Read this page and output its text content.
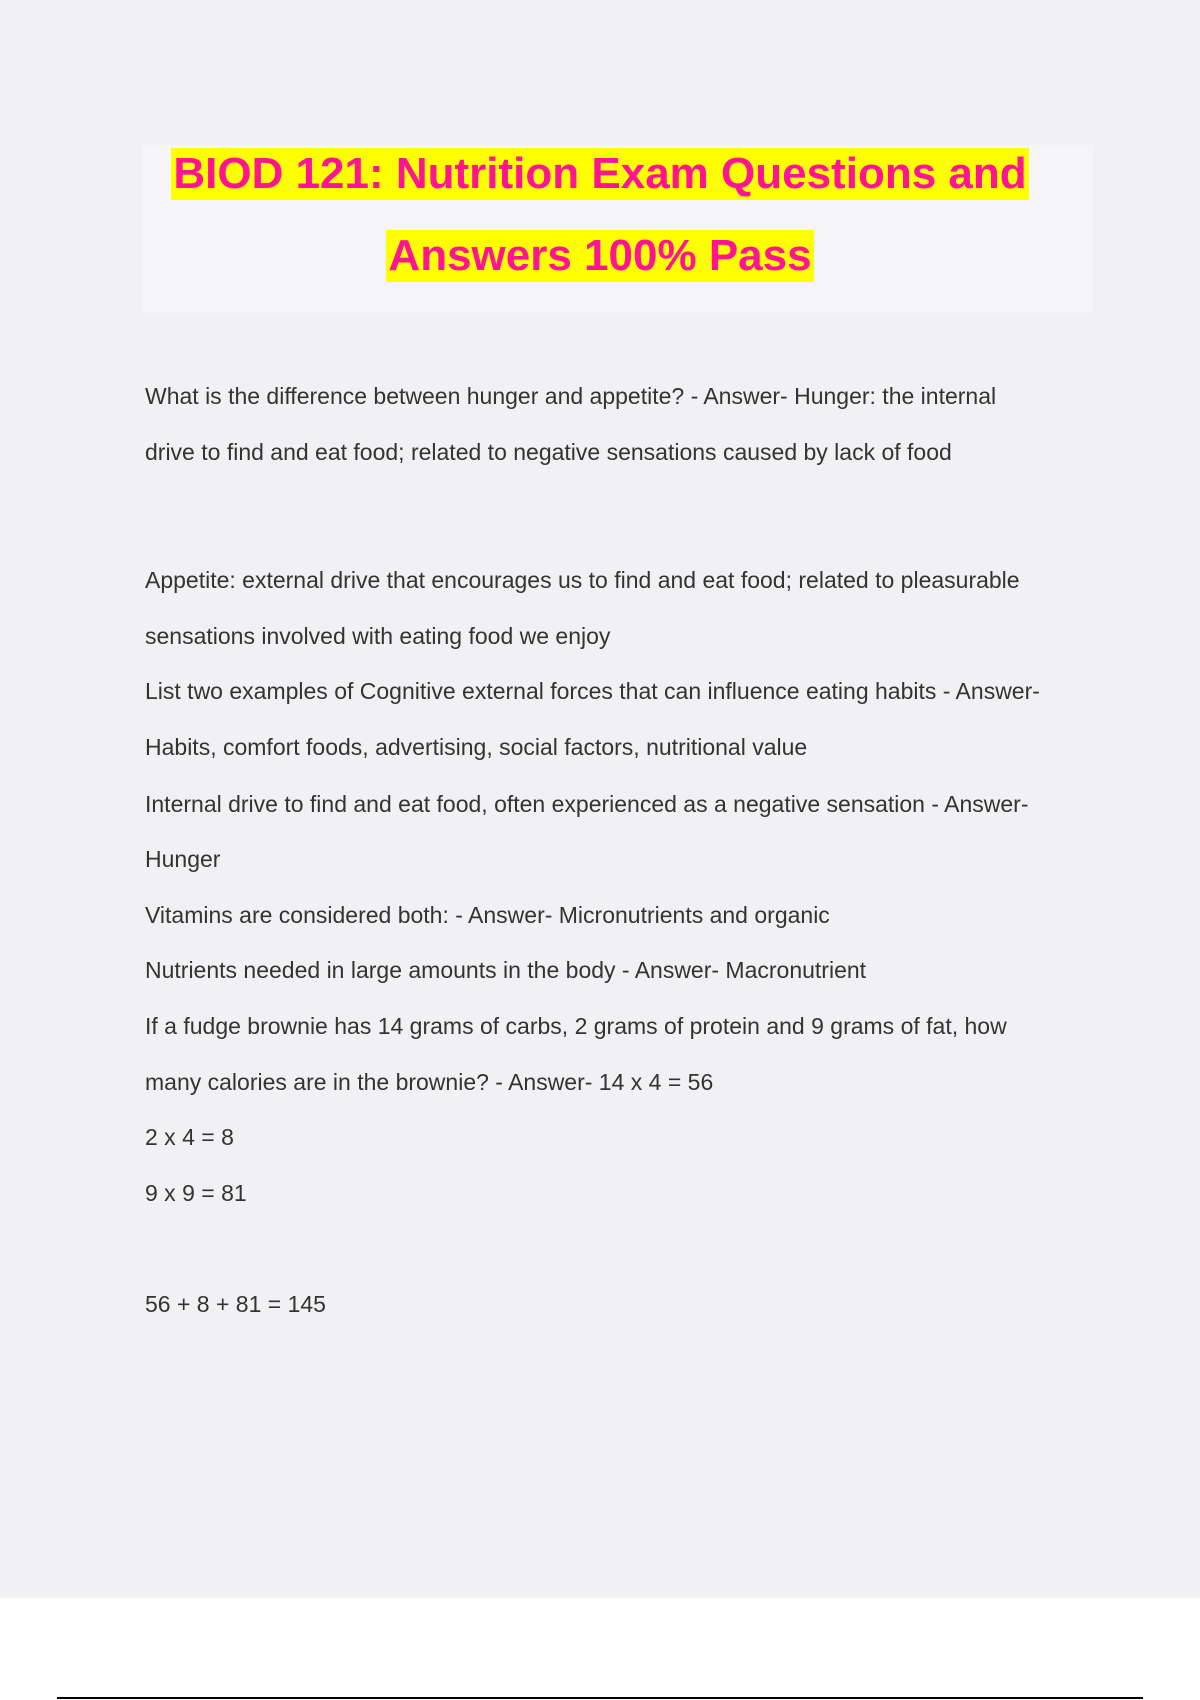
BIOD 121: Nutrition Exam Questions and
Answers 100% Pass
What is the difference between hunger and appetite? - Answer- Hunger: the internal
drive to find and eat food; related to negative sensations caused by lack of food
Appetite: external drive that encourages us to find and eat food; related to pleasurable
sensations involved with eating food we enjoy
List two examples of Cognitive external forces that can influence eating habits - Answer-
Habits, comfort foods, advertising, social factors, nutritional value
Internal drive to find and eat food, often experienced as a negative sensation - Answer-
Hunger
Vitamins are considered both: - Answer- Micronutrients and organic
Nutrients needed in large amounts in the body - Answer- Macronutrient
If a fudge brownie has 14 grams of carbs, 2 grams of protein and 9 grams of fat, how
many calories are in the brownie? - Answer- 14 x 4 = 56
2 x 4 = 8
9 x 9 = 81
56 + 8 + 81 = 145
